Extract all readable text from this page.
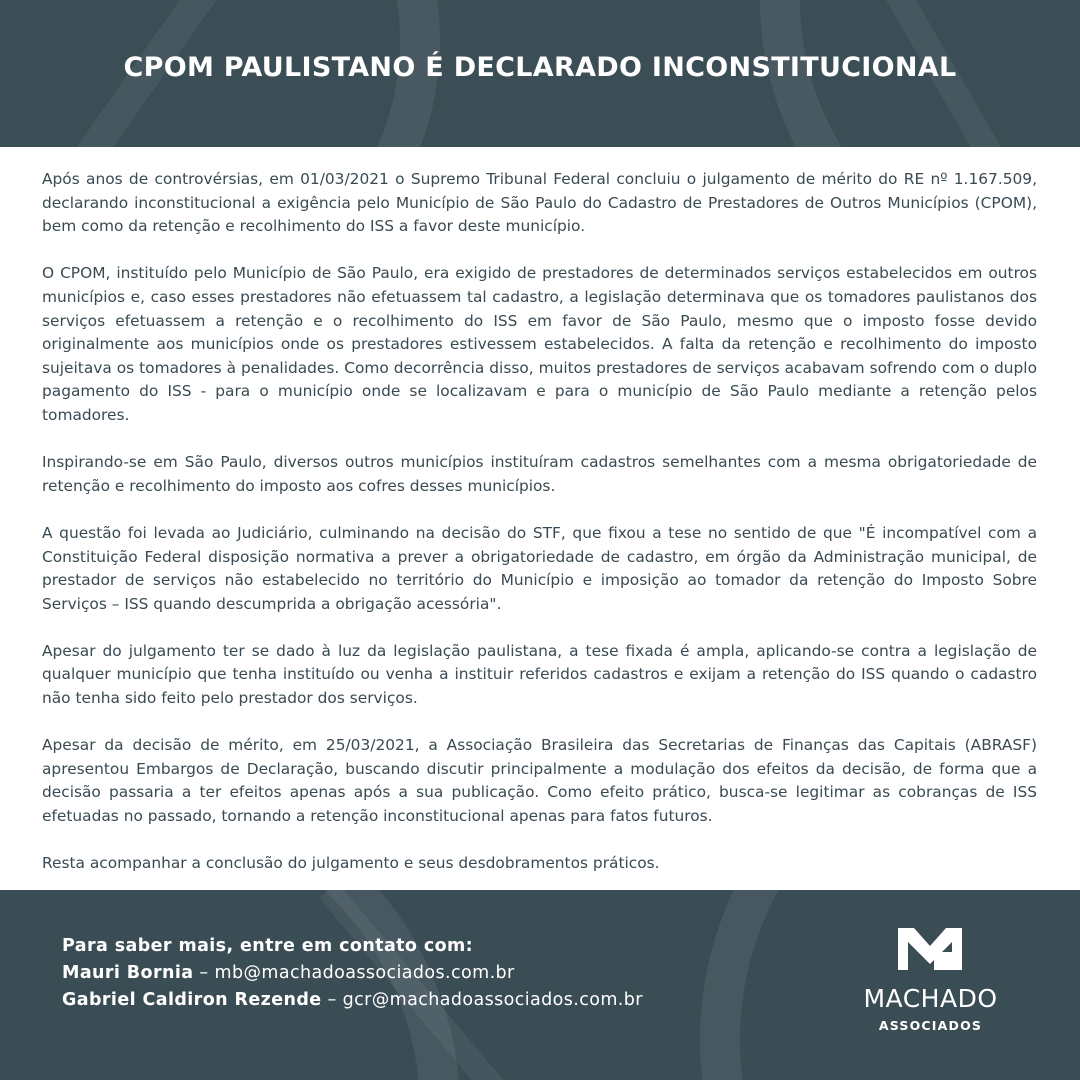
CPOM PAULISTANO É DECLARADO INCONSTITUCIONAL

Após anos de controvérsias, em 01/03/2021 o Supremo Tribunal Federal concluiu o julgamento de mérito do RE nº 1.167.509, declarando inconstitucional a exigência pelo Município de São Paulo do Cadastro de Prestadores de Outros Municípios (CPOM), bem como da retenção e recolhimento do ISS a favor deste município.

O CPOM, instituído pelo Município de São Paulo, era exigido de prestadores de determinados serviços estabelecidos em outros municípios e, caso esses prestadores não efetuassem tal cadastro, a legislação determinava que os tomadores paulistanos dos serviços efetuassem a retenção e o recolhimento do ISS em favor de São Paulo, mesmo que o imposto fosse devido originalmente aos municípios onde os prestadores estivessem estabelecidos. A falta da retenção e recolhimento do imposto sujeitava os tomadores à penalidades. Como decorrência disso, muitos prestadores de serviços acabavam sofrendo com o duplo pagamento do ISS - para o município onde se localizavam e para o município de São Paulo mediante a retenção pelos tomadores.

Inspirando-se em São Paulo, diversos outros municípios instituíram cadastros semelhantes com a mesma obrigatoriedade de retenção e recolhimento do imposto aos cofres desses municípios.

A questão foi levada ao Judiciário, culminando na decisão do STF, que fixou a tese no sentido de que "É incompatível com a Constituição Federal disposição normativa a prever a obrigatoriedade de cadastro, em órgão da Administração municipal, de prestador de serviços não estabelecido no território do Município e imposição ao tomador da retenção do Imposto Sobre Serviços – ISS quando descumprida a obrigação acessória".

Apesar do julgamento ter se dado à luz da legislação paulistana, a tese fixada é ampla, aplicando-se contra a legislação de qualquer município que tenha instituído ou venha a instituir referidos cadastros e exijam a retenção do ISS quando o cadastro não tenha sido feito pelo prestador dos serviços.

Apesar da decisão de mérito, em 25/03/2021, a Associação Brasileira das Secretarias de Finanças das Capitais (ABRASF) apresentou Embargos de Declaração, buscando discutir principalmente a modulação dos efeitos da decisão, de forma que a decisão passaria a ter efeitos apenas após a sua publicação. Como efeito prático, busca-se legitimar as cobranças de ISS efetuadas no passado, tornando a retenção inconstitucional apenas para fatos futuros.

Resta acompanhar a conclusão do julgamento e seus desdobramentos práticos.

Para saber mais, entre em contato com:
Mauri Bornia – mb@machadoassociados.com.br
Gabriel Caldiron Rezende – gcr@machadoassociados.com.br	MACHADO
ASSOCIADOS
